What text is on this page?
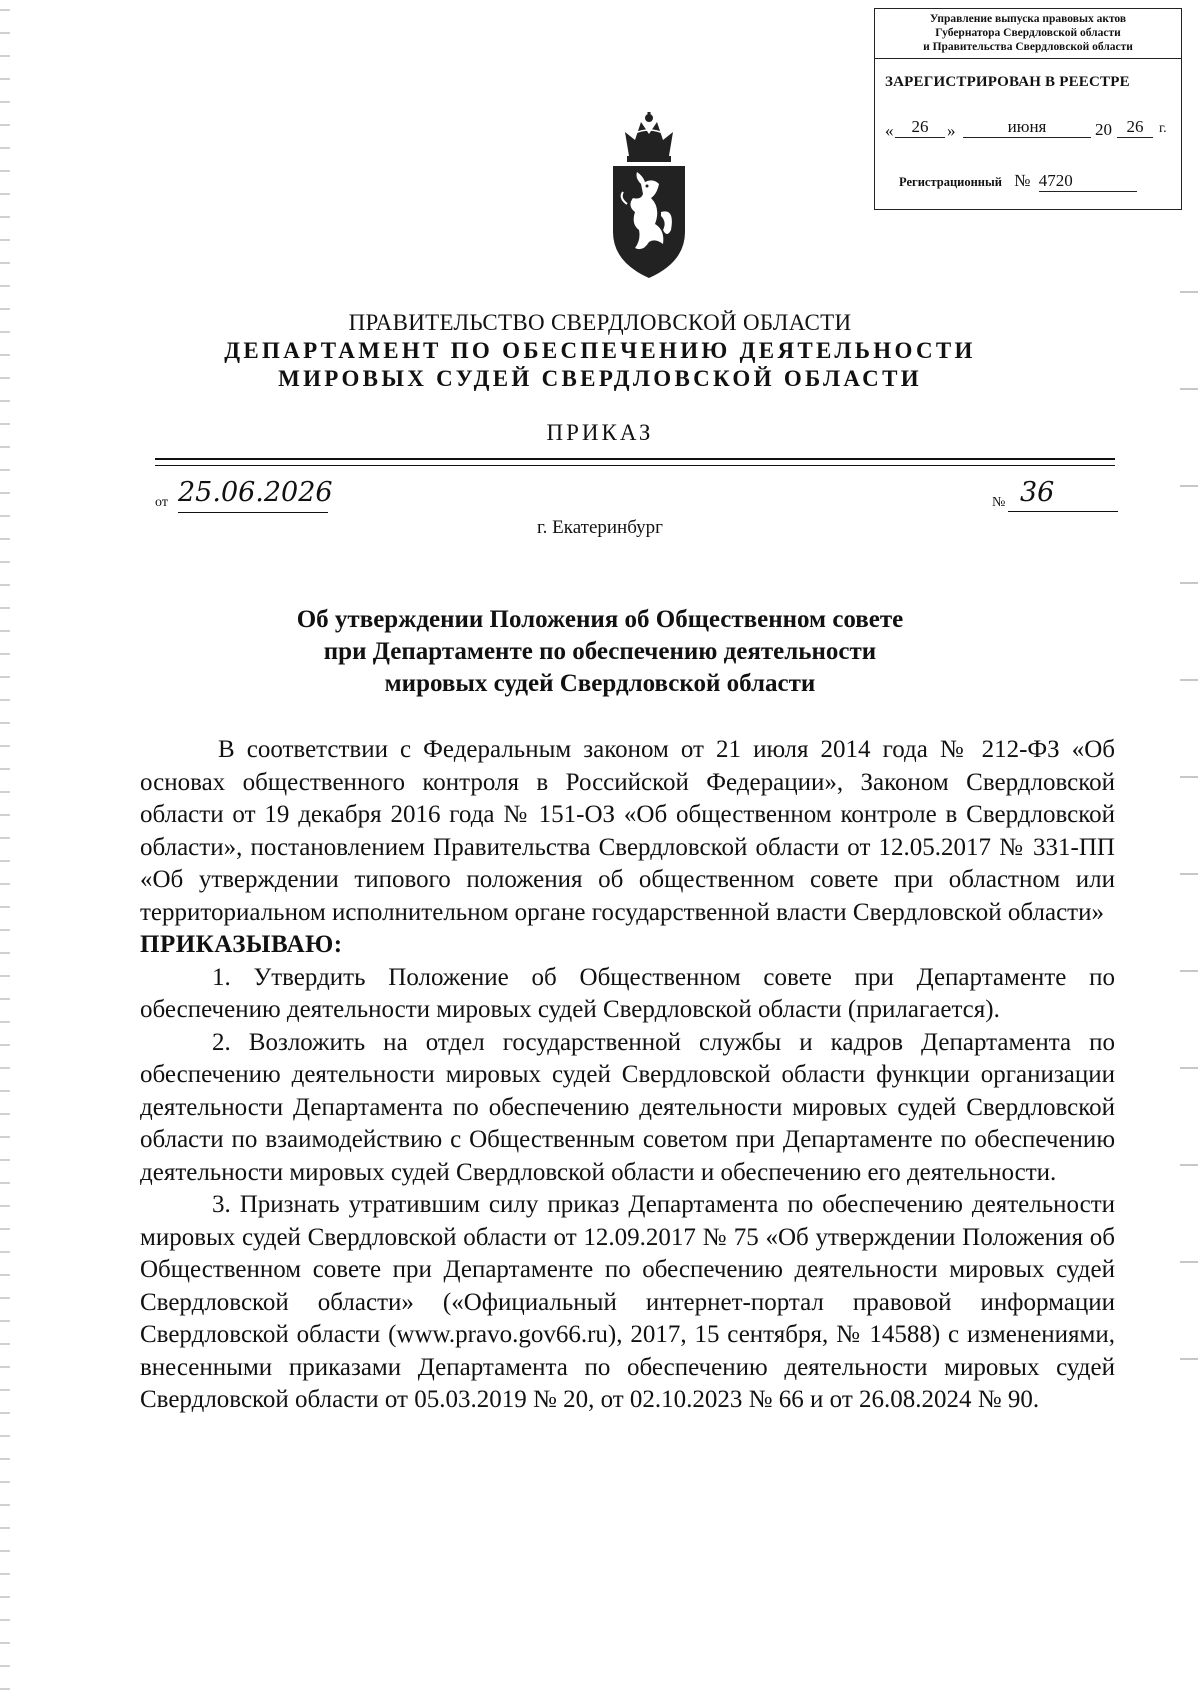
Управление выпуска правовых актов
Губернатора Свердловской области
и Правительства Свердловской области
ЗАРЕГИСТРИРОВАН В РЕЕСТРЕ
«	26	»	июня	20 26	г.
Регистрационный № 4720
ПРАВИТЕЛЬСТВО СВЕРДЛОВСКОЙ ОБЛАСТИ
ДЕПАРТАМЕНТ ПО ОБЕСПЕЧЕНИЮ ДЕЯТЕЛЬНОСТИ
МИРОВЫХ СУДЕЙ СВЕРДЛОВСКОЙ ОБЛАСТИ
ПРИКАЗ
от 25.06.2026	№ 36
г. Екатеринбург
Об утверждении Положения об Общественном совете
при Департаменте по обеспечению деятельности
мировых судей Свердловской области

В соответствии с Федеральным законом от 21 июля 2014 года № 212-ФЗ «Об основах общественного контроля в Российской Федерации», Законом Свердловской области от 19 декабря 2016 года № 151-ОЗ «Об общественном контроле в Свердловской области», постановлением Правительства Свердловской области от 12.05.2017 № 331-ПП «Об утверждении типового положения об общественном совете при областном или территориальном исполнительном органе государственной власти Свердловской области»

ПРИКАЗЫВАЮ:

1. Утвердить Положение об Общественном совете при Департаменте по обеспечению деятельности мировых судей Свердловской области (прилагается).

2. Возложить на отдел государственной службы и кадров Департамента по обеспечению деятельности мировых судей Свердловской области функции организации деятельности Департамента по обеспечению деятельности мировых судей Свердловской области по взаимодействию с Общественным советом при Департаменте по обеспечению деятельности мировых судей Свердловской области и обеспечению его деятельности.

3. Признать утратившим силу приказ Департамента по обеспечению деятельности мировых судей Свердловской области от 12.09.2017 № 75 «Об утверждении Положения об Общественном совете при Департаменте по обеспечению деятельности мировых судей Свердловской области» («Официальный интернет-портал правовой информации Свердловской области (www.pravo.gov66.ru), 2017, 15 сентября, № 14588) с изменениями, внесенными приказами Департамента по обеспечению деятельности мировых судей Свердловской области от 05.03.2019 № 20, от 02.10.2023 № 66 и от 26.08.2024 № 90.
